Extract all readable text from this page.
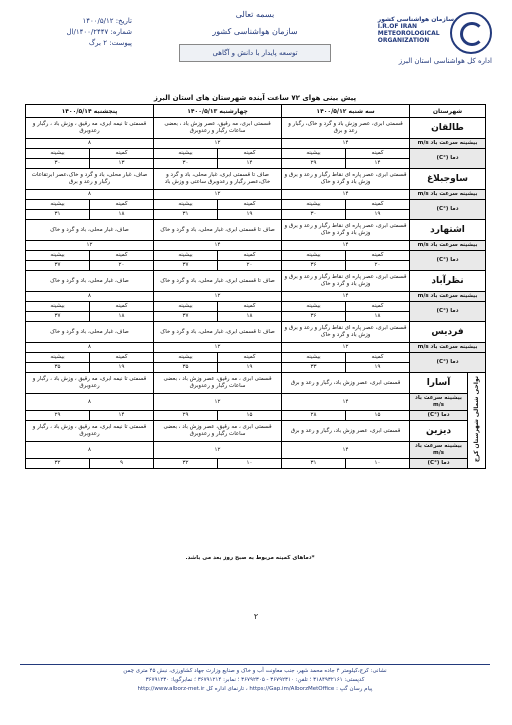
سازمان هواشناسی کشور
I.R.OF IRAN
METEOROLOGICAL
ORGANIZATION
اداره کل هواشناسی استان البرز
بسمه تعالی
سازمان هواشناسی کشور
توسعه پایدار با دانش و آگاهی
تاریخ: ۱۴۰۰/۵/۱۲
شماره: ۱۴۰۰/۲۴۴۷/ال
پیوست: ۲ برگ
پیش بینی هوای ۷۲ ساعت آینده شهرستان های استان البرز
شهرستان		سه شنبه ۱۴۰۰/۵/۱۲		چهارشنبه ۱۴۰۰/۵/۱۳		پنجشنبه ۱۴۰۰/۵/۱۴	
طالقان		قسمتی ابری، عصر وزش باد و گرد و خاک، رگبار و رعد و برق		قسمتی ابری، مه رقیق، عصر وزش باد ، بعضی ساعات رگبار و رعدوبرق		قسمتی تا نیمه ابری، مه رقیق ، وزش باد ، رگبار و رعدوبرق	
بیشینه سرعت باد m/s		۱۴		۱۲		۸	
دما (°C)		کمینه	بیشینه	کمینه	بیشینه	کمینه	بیشینه
		۱۴	۲۹	۱۴	۳۰	۱۳	۳۰
ساوجبلاغ		قسمتی ابری، عصر پاره ای نقاط رگبار و رعد و برق و وزش باد و گرد و خاک		صاف تا قسمتی ابری، غبار محلی، باد و گرد و خاک،عصر رگبار و رعدوبرق ساعتی و وزش باد		صاف، غبار محلی، باد و گرد و خاک،عصر ابرتقاعات رگبار و رعد و برق	
بیشینه سرعت باد m/s		۱۴		۱۲		۸	
دما (°C)		کمینه	بیشینه	کمینه	بیشینه	کمینه	بیشینه
		۱۹	۳۰	۱۹	۳۱	۱۸	۳۱
اشتهارد		قسمتی ابری، عصر پاره ای نقاط رگبار و رعد و برق و وزش باد و گرد و خاک		صاف تا قسمتی ابری، غبار محلی، باد و گرد و خاک		صاف، غبار محلی، باد و گرد و خاک	
بیشینه سرعت باد m/s		۱۴		۱۴		۱۲	
دما (°C)		کمینه	بیشینه	کمینه	بیشینه	کمینه	بیشینه
		۲۰	۳۶	۲۰	۳۷	۲۰	۳۷
نظرآباد		قسمتی ابری، عصر پاره ای نقاط رگبار و رعد و برق و وزش باد و گرد و خاک		صاف تا قسمتی ابری، غبار محلی، باد و گرد و خاک		صاف، غبار محلی، باد و گرد و خاک	
بیشینه سرعت باد m/s		۱۴		۱۲		۸	
دما (°C)		کمینه	بیشینه	کمینه	بیشینه	کمینه	بیشینه
		۱۸	۳۶	۱۸	۳۷	۱۸	۳۷
فردیس		قسمتی ابری، عصر پاره ای نقاط رگبار و رعد و برق و وزش باد و گرد و خاک		صاف تا قسمتی ابری، غبار محلی، باد و گرد و خاک		صاف، غبار محلی، باد و گرد و خاک	
بیشینه سرعت باد m/s		۱۲		۱۲		۸	
دما (°C)		کمینه	بیشینه	کمینه	بیشینه	کمینه	بیشینه
		۱۹	۳۳	۱۹	۳۵	۱۹	۳۵
نواحی شمالی شهرستان کرج	آسارا	قسمتی ابری، عصر وزش باد، رگبار و رعد و برق		قسمتی ابری ، مه رقیق، عصر وزش باد ، بعضی ساعات رگبار و رعدوبرق		قسمتی تا نیمه ابری، مه رقیق ، وزش باد ، رگبار و رعدوبرق	
	بیشینه سرعت باد m/s	۱۴		۱۲		۸	
	دما (°C)	۱۵	۲۸	۱۵	۲۹	۱۴	۲۹
	دیزین	قسمتی ابری، عصر وزش باد، رگبار و رعد و برق		قسمتی ابری ، مه رقیق، عصر وزش باد ، بعضی ساعات رگبار و رعدوبرق		قسمتی تا نیمه ابری، مه رقیق ، وزش باد ، رگبار و رعدوبرق	
	بیشینه سرعت باد m/s	۱۴		۱۲		۸	
	دما (°C)	۱۰	۳۱	۱۰	۳۲	۹	۳۲
*دماهای کمینه مربوط به صبح روز بعد می باشد.
۲
نشانی: کرج،کیلومتر ۴ جاده محمد شهر، جنب معاونت آب و خاک و صنایع وزارت جهاد کشاورزی، نبش ۴۵ متری چمن
کدپستی: ۳۱۸۴۹۳۲۱۶۱ ؛ تلفن: ۳۶۷۹۲۳۱۰ - ۳۶۷۹۲۳۰۵ ؛ نمابر: ۳۶۷۹۱۲۱۴ ؛ نمابرگویا: ۳۶۷۹۱۲۳۰
پیام رسان گپ : https://Gap.im/AlborzMetOffice ، تارنمای اداره کل http://www.alborz-met.ir
